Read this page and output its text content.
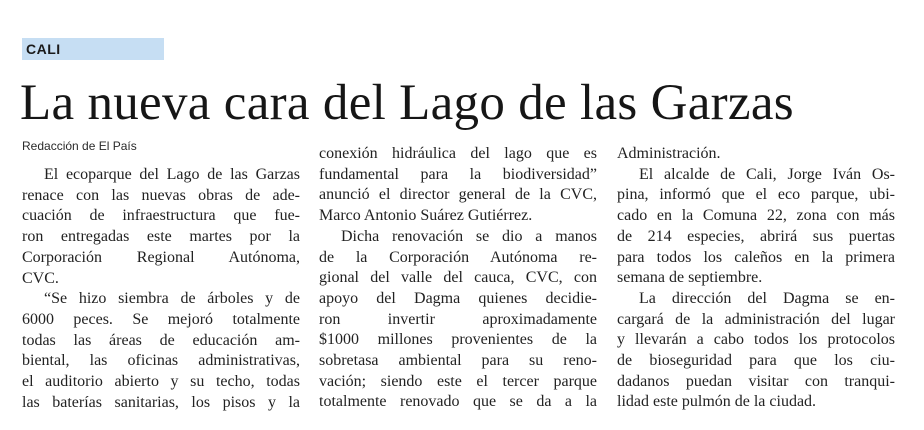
CALI
La nueva cara del Lago de las Garzas
Redacción de El País
El ecoparque del Lago de las Garzas
renace con las nuevas obras de ade-
cuación de infraestructura que fue-
ron entregadas este martes por la
Corporación Regional Autónoma,
CVC.
“Se hizo siembra de árboles y de
6000 peces. Se mejoró totalmente
todas las áreas de educación am-
biental, las oficinas administrativas,
el auditorio abierto y su techo, todas
las baterías sanitarias, los pisos y la
conexión hidráulica del lago que es
fundamental para la biodiversidad”
anunció el director general de la CVC,
Marco Antonio Suárez Gutiérrez.
Dicha renovación se dio a manos
de la Corporación Autónoma re-
gional del valle del cauca, CVC, con
apoyo del Dagma quienes decidie-
ron invertir aproximadamente
$1000 millones provenientes de la
sobretasa ambiental para su reno-
vación; siendo este el tercer parque
totalmente renovado que se da a la
Administración.
El alcalde de Cali, Jorge Iván Os-
pina, informó que el eco parque, ubi-
cado en la Comuna 22, zona con más
de 214 especies, abrirá sus puertas
para todos los caleños en la primera
semana de septiembre.
La dirección del Dagma se en-
cargará de la administración del lugar
y llevarán a cabo todos los protocolos
de bioseguridad para que los ciu-
dadanos puedan visitar con tranqui-
lidad este pulmón de la ciudad.
